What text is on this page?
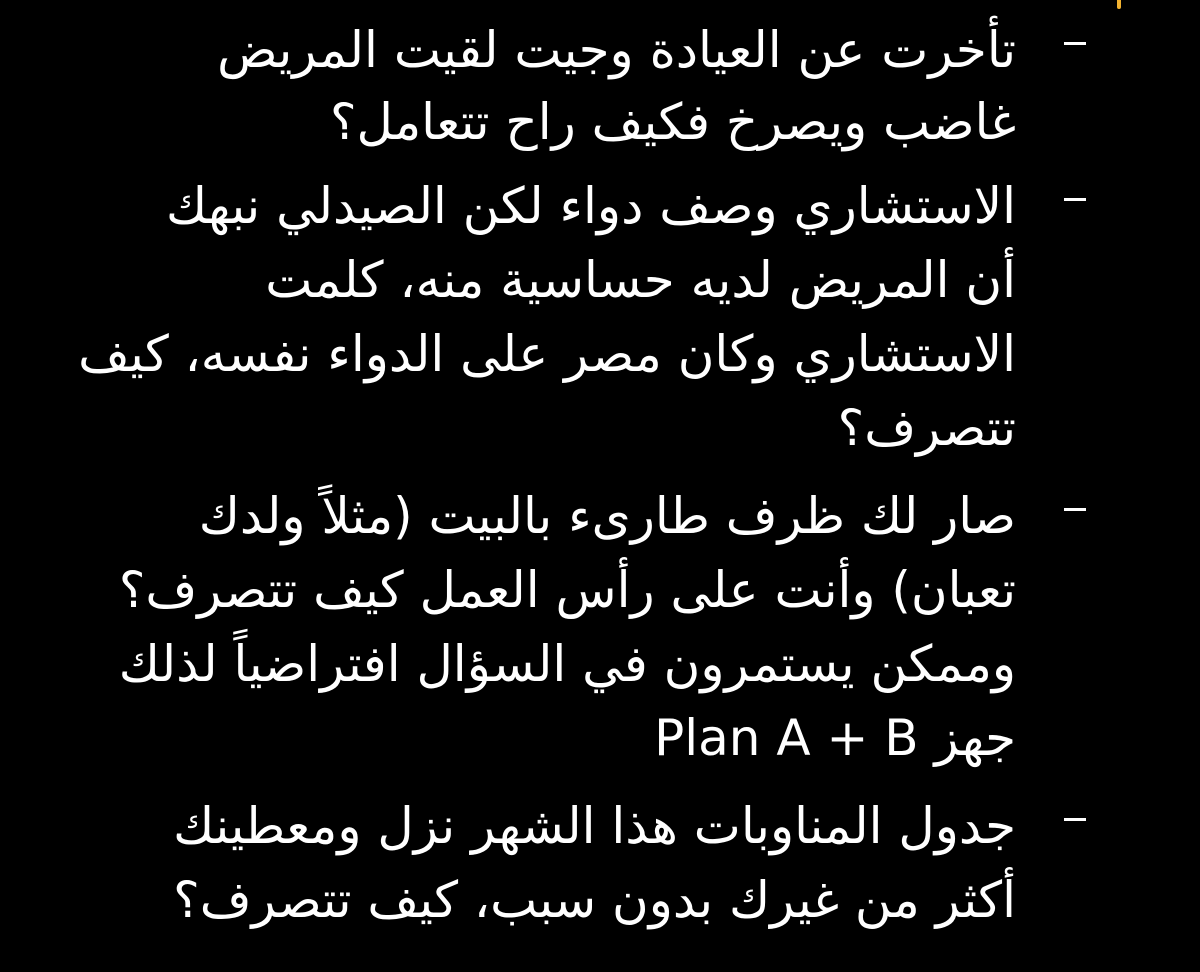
تأخرت عن العيادة وجيت لقيت المريض
غاضب ويصرخ فكيف راح تتعامل؟
الاستشاري وصف دواء لكن الصيدلي نبهك
أن المريض لديه حساسية منه، كلمت
الاستشاري وكان مصر على الدواء نفسه، كيف
تتصرف؟
صار لك ظرف طارىء بالبيت (مثلاً ولدك
تعبان) وأنت على رأس العمل كيف تتصرف؟
وممكن يستمرون في السؤال افتراضياً لذلك
جهز Plan A + B
جدول المناوبات هذا الشهر نزل ومعطينك
أكثر من غيرك بدون سبب، كيف تتصرف؟
